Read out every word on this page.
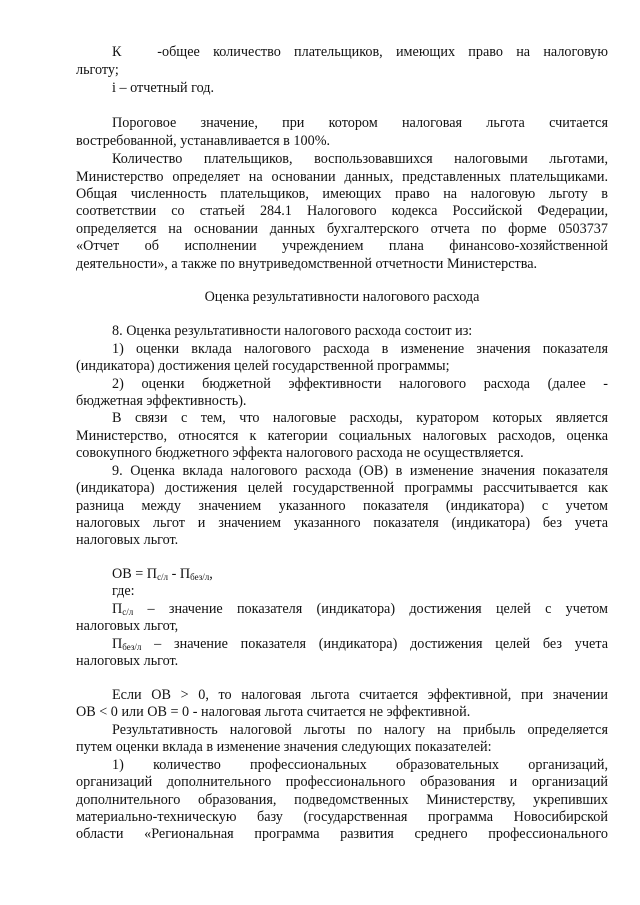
К -общее количество плательщиков, имеющих право на налоговую
льготу;
i – отчетный год.
Пороговое значение, при котором налоговая льгота считается
востребованной, устанавливается в 100%.
Количество плательщиков, воспользовавшихся налоговыми льготами,
Министерство определяет на основании данных, представленных плательщиками.
Общая численность плательщиков, имеющих право на налоговую льготу в
соответствии со статьей 284.1 Налогового кодекса Российской Федерации,
определяется на основании данных бухгалтерского отчета по форме 0503737
«Отчет об исполнении учреждением плана финансово-хозяйственной
деятельности», а также по внутриведомственной отчетности Министерства.
Оценка результативности налогового расхода
8. Оценка результативности налогового расхода состоит из:
1) оценки вклада налогового расхода в изменение значения показателя
(индикатора) достижения целей государственной программы;
2) оценки бюджетной эффективности налогового расхода (далее -
бюджетная эффективность).
В связи с тем, что налоговые расходы, куратором которых является
Министерство, относятся к категории социальных налоговых расходов, оценка
совокупного бюджетного эффекта налогового расхода не осуществляется.
9. Оценка вклада налогового расхода (ОВ) в изменение значения показателя
(индикатора) достижения целей государственной программы рассчитывается как
разница между значением указанного показателя (индикатора) с учетом
налоговых льгот и значением указанного показателя (индикатора) без учета
налоговых льгот.
ОВ = $П_{с/л} - П_{без/л}$,
где:
$П_{с/л}$ – значение показателя (индикатора) достижения целей с учетом
налоговых льгот,
$П_{без/л}$ – значение показателя (индикатора) достижения целей без учета
налоговых льгот.
Если ОВ > 0, то налоговая льгота считается эффективной, при значении
ОВ < 0 или ОВ = 0 - налоговая льгота считается не эффективной.
Результативность налоговой льготы по налогу на прибыль определяется
путем оценки вклада в изменение значения следующих показателей:
1) количество профессиональных образовательных организаций,
организаций дополнительного профессионального образования и организаций
дополнительного образования, подведомственных Министерству, укрепивших
материально-техническую базу (государственная программа Новосибирской
области «Региональная программа развития среднего профессионального
